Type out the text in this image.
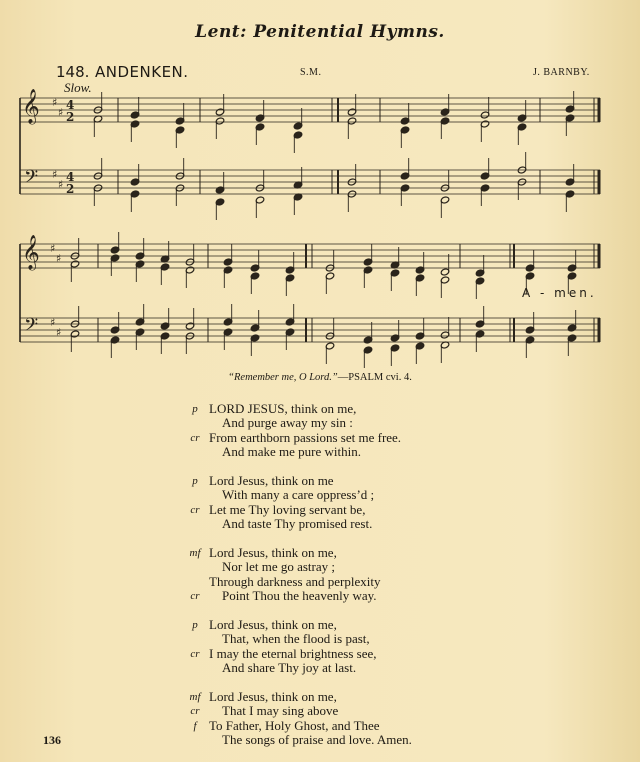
Lent: Penitential Hymns.
148. ANDENKEN.	S.M.	J. BARNBY.
Slow.
𝄞
𝄢
♯
♯
♯
♯
4
2
4
2
𝄞
𝄢
♯
♯
♯
♯
A - men.
“Remember me, O Lord.”—PSALM cvi. 4.
p LORD JESUS, think on me,
And purge away my sin :
cr From earthborn passions set me free.
And make me pure within.
p Lord Jesus, think on me
With many a care oppress’d ;
cr Let me Thy loving servant be,
And taste Thy promised rest.
mf Lord Jesus, think on me,
Nor let me go astray ;
Through darkness and perplexity
cr	Point Thou the heavenly way.
p Lord Jesus, think on me,
That, when the flood is past,
cr I may the eternal brightness see,
And share Thy joy at last.
mf Lord Jesus, think on me,
cr	That I may sing above
f To Father, Holy Ghost, and Thee
The songs of praise and love. Amen.
136
